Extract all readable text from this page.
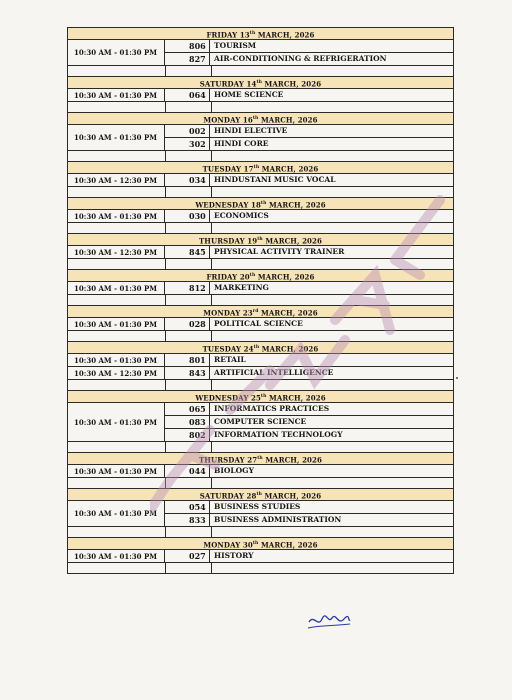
FRIDAY 13th MARCH, 2026
10:30 AM - 01:30 PM
806	TOURISM
827	AIR-CONDITIONING & REFRIGERATION
SATURDAY 14th MARCH, 2026
10:30 AM - 01:30 PM	064	HOME SCIENCE
MONDAY 16th MARCH, 2026
10:30 AM - 01:30 PM
002	HINDI ELECTIVE
302	HINDI CORE
TUESDAY 17th MARCH, 2026
10:30 AM - 12:30 PM	034	HINDUSTANI MUSIC VOCAL
WEDNESDAY 18th MARCH, 2026
10:30 AM - 01:30 PM	030	ECONOMICS
THURSDAY 19th MARCH, 2026
10:30 AM - 12:30 PM	845	PHYSICAL ACTIVITY TRAINER
FRIDAY 20th MARCH, 2026
10:30 AM - 01:30 PM	812	MARKETING
MONDAY 23rd MARCH, 2026
10:30 AM - 01:30 PM	028	POLITICAL SCIENCE
TUESDAY 24th MARCH, 2026
10:30 AM - 01:30 PM	801	RETAIL
10:30 AM - 12:30 PM	843	ARTIFICIAL INTELLIGENCE
WEDNESDAY 25th MARCH, 2026
10:30 AM - 01:30 PM
065	INFORMATICS PRACTICES
083	COMPUTER SCIENCE
802	INFORMATION TECHNOLOGY
THURSDAY 27th MARCH, 2026
10:30 AM - 01:30 PM	044	BIOLOGY
SATURDAY 28th MARCH, 2026
10:30 AM - 01:30 PM
054	BUSINESS STUDIES
833	BUSINESS ADMINISTRATION
MONDAY 30th MARCH, 2026
10:30 AM - 01:30 PM	027	HISTORY
